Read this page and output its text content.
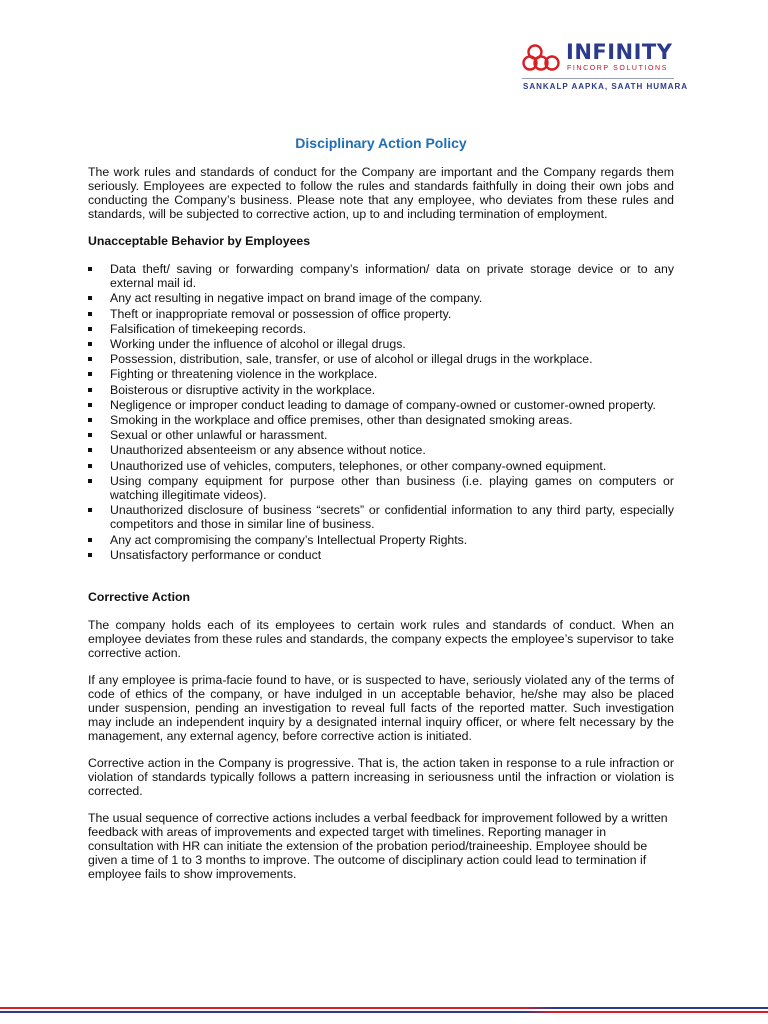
INFINITY
FINCORP SOLUTIONS
SANKALP AAPKA, SAATH HUMARA
Disciplinary Action Policy

The work rules and standards of conduct for the Company are important and the Company regards them seriously. Employees are expected to follow the rules and standards faithfully in doing their own jobs and conducting the Company’s business. Please note that any employee, who deviates from these rules and standards, will be subjected to corrective action, up to and including termination of employment.

Unacceptable Behavior by Employees
Data theft/ saving or forwarding company’s information/ data on private storage device or to any external mail id.
Any act resulting in negative impact on brand image of the company.
Theft or inappropriate removal or possession of office property.
Falsification of timekeeping records.
Working under the influence of alcohol or illegal drugs.
Possession, distribution, sale, transfer, or use of alcohol or illegal drugs in the workplace.
Fighting or threatening violence in the workplace.
Boisterous or disruptive activity in the workplace.
Negligence or improper conduct leading to damage of company-owned or customer-owned property.
Smoking in the workplace and office premises, other than designated smoking areas.
Sexual or other unlawful or harassment.
Unauthorized absenteeism or any absence without notice.
Unauthorized use of vehicles, computers, telephones, or other company-owned equipment.
Using company equipment for purpose other than business (i.e. playing games on computers or watching illegitimate videos).
Unauthorized disclosure of business “secrets” or confidential information to any third party, especially competitors and those in similar line of business.
Any act compromising the company’s Intellectual Property Rights.
Unsatisfactory performance or conduct
Corrective Action

The company holds each of its employees to certain work rules and standards of conduct. When an employee deviates from these rules and standards, the company expects the employee’s supervisor to take corrective action.

If any employee is prima-facie found to have, or is suspected to have, seriously violated any of the terms of code of ethics of the company, or have indulged in un acceptable behavior, he/she may also be placed under suspension, pending an investigation to reveal full facts of the reported matter. Such investigation may include an independent inquiry by a designated internal inquiry officer, or where felt necessary by the management, any external agency, before corrective action is initiated.

Corrective action in the Company is progressive. That is, the action taken in response to a rule infraction or violation of standards typically follows a pattern increasing in seriousness until the infraction or violation is corrected.

The usual sequence of corrective actions includes a verbal feedback for improvement followed by a written feedback with areas of improvements and expected target with timelines. Reporting manager in consultation with HR can initiate the extension of the probation period/traineeship. Employee should be given a time of 1 to 3 months to improve. The outcome of disciplinary action could lead to termination if employee fails to show improvements.
